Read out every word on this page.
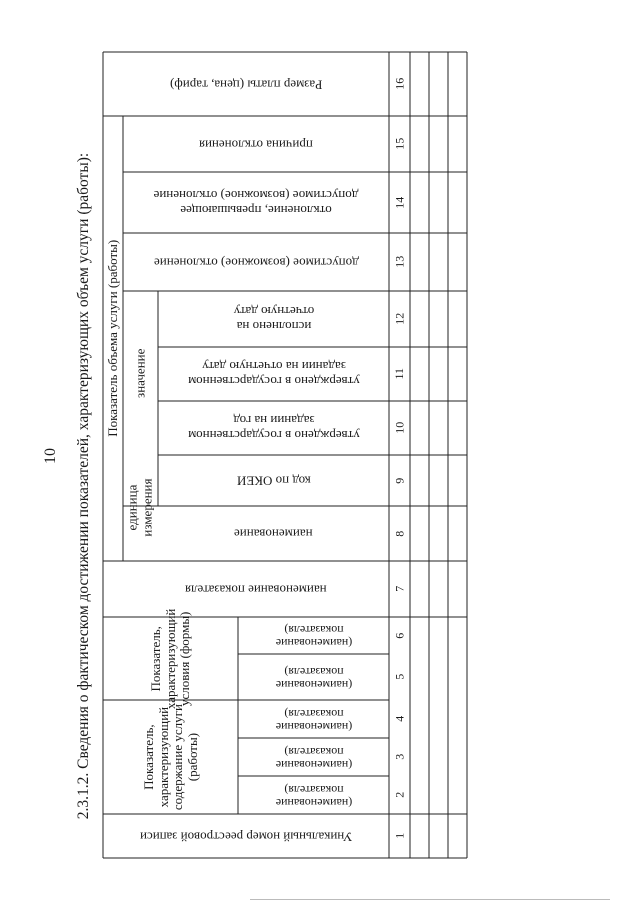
10 2.3.1.2. Сведения о фактическом достижении показателей, характеризующих объем услуги (работы):
Уникальный номер реестровой записи
Показатель, характеризующий содержание услуги (работы)
(наименование показателя)
(наименование показателя)
(наименование показателя)
Показатель, характеризующий условия (формы)	(наименование показателя)
(наименование показателя)
Показатель объема услуги (работы)
наименование показателя
единица измерения	наименование
код по ОКЕИ
значение
утверждено в государственном задании на год
утверждено в государственном задании на отчетную дату
исполнено на отчетную дату
допустимое (возможное) отклонение
отклонение, превышающее допустимое (возможное) отклонение
причина отклонения
Размер платы (цена, тариф)
1
2
3
4
5
6
7
8
9
10
11
12
13
14
15
16
